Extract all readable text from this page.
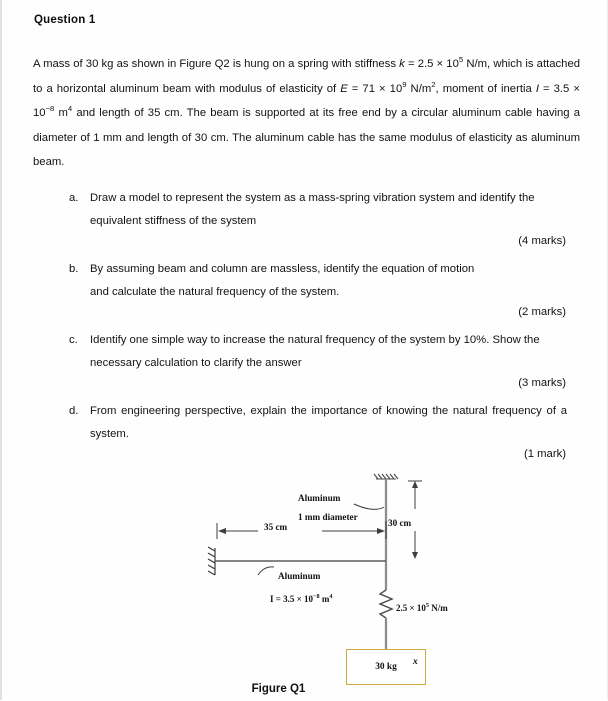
Question 1

A mass of 30 kg as shown in Figure Q2 is hung on a spring with stiffness $k = 2.5 \times 10^5$ N/m, which is attached to a horizontal aluminum beam with modulus of elasticity of $E = 71 \times 10^9$ $N/m^2$, moment of inertia $I = 3.5 \times 10^{-8}$ $m^4$ and length of 35 cm. The beam is supported at its free end by a circular aluminum cable having a diameter of 1 mm and length of 30 cm. The aluminum cable has the same modulus of elasticity as aluminum beam.

a. Draw a model to represent the system as a mass-spring vibration system and identify the equivalent stiffness of the system
(4 marks)
b. By assuming beam and column are massless, identify the equation of motion and calculate the natural frequency of the system.
(2 marks)
c. Identify one simple way to increase the natural frequency of the system by 10%. Show the necessary calculation to clarify the answer
(3 marks)
d. From engineering perspective, explain the importance of knowing the natural frequency of a system.
(1 mark)
30 kg
Aluminum
1 mm diameter
35 cm	30 cm
Aluminum
$I = 3.5 \times 10^{-8}$ $m^4$
$2.5 \times 10^5$ N/m
x
Figure Q1
